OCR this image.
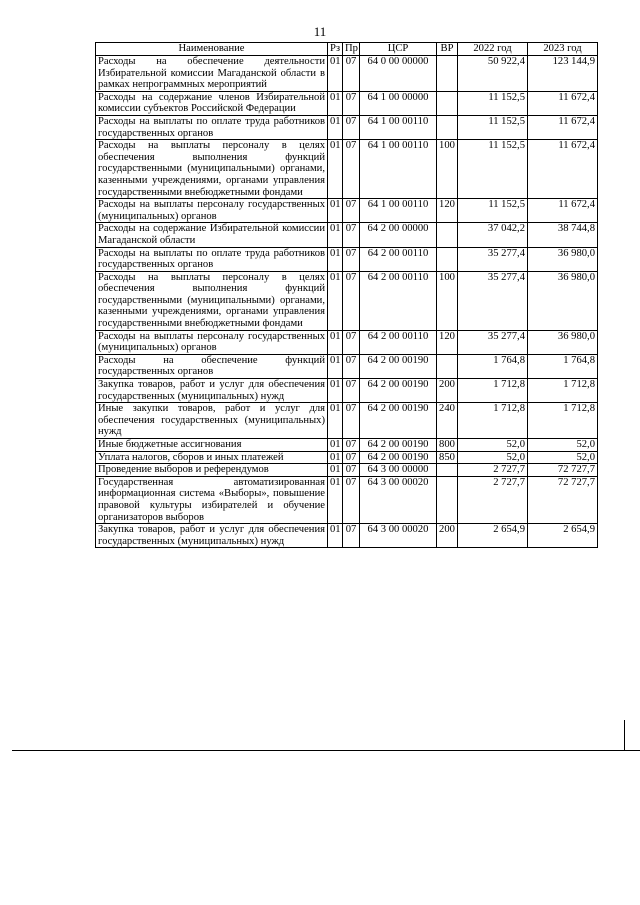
11
Наименование	Рз	Пр	ЦСР	ВР	2022 год	2023 год
Расходы на обеспечение деятельности Избирательной комиссии Магаданской области в рамках непрограммных мероприятий	01	07	64 0 00 00000		50 922,4	123 144,9
Расходы на содержание членов Избирательной комиссии субъектов Российской Федерации	01	07	64 1 00 00000		11 152,5	11 672,4
Расходы на выплаты по оплате труда работников государственных органов	01	07	64 1 00 00110		11 152,5	11 672,4
Расходы на выплаты персоналу в целях обеспечения выполнения функций государственными (муниципальными) органами, казенными учреждениями, органами управления государственными внебюджетными фондами	01	07	64 1 00 00110	100	11 152,5	11 672,4
Расходы на выплаты персоналу государственных (муниципальных) органов	01	07	64 1 00 00110	120	11 152,5	11 672,4
Расходы на содержание Избирательной комиссии Магаданской области	01	07	64 2 00 00000		37 042,2	38 744,8
Расходы на выплаты по оплате труда работников государственных органов	01	07	64 2 00 00110		35 277,4	36 980,0
Расходы на выплаты персоналу в целях обеспечения выполнения функций государственными (муниципальными) органами, казенными учреждениями, органами управления государственными внебюджетными фондами	01	07	64 2 00 00110	100	35 277,4	36 980,0
Расходы на выплаты персоналу государственных (муниципальных) органов	01	07	64 2 00 00110	120	35 277,4	36 980,0
Расходы на обеспечение функций государственных органов	01	07	64 2 00 00190		1 764,8	1 764,8
Закупка товаров, работ и услуг для обеспечения государственных (муниципальных) нужд	01	07	64 2 00 00190	200	1 712,8	1 712,8
Иные закупки товаров, работ и услуг для обеспечения государственных (муниципальных) нужд	01	07	64 2 00 00190	240	1 712,8	1 712,8
Иные бюджетные ассигнования	01	07	64 2 00 00190	800	52,0	52,0
Уплата налогов, сборов и иных платежей	01	07	64 2 00 00190	850	52,0	52,0
Проведение выборов и референдумов	01	07	64 3 00 00000		2 727,7	72 727,7
Государственная автоматизированная информационная система «Выборы», повышение правовой культуры избирателей и обучение организаторов выборов	01	07	64 3 00 00020		2 727,7	72 727,7
Закупка товаров, работ и услуг для обеспечения государственных (муниципальных) нужд	01	07	64 3 00 00020	200	2 654,9	2 654,9
